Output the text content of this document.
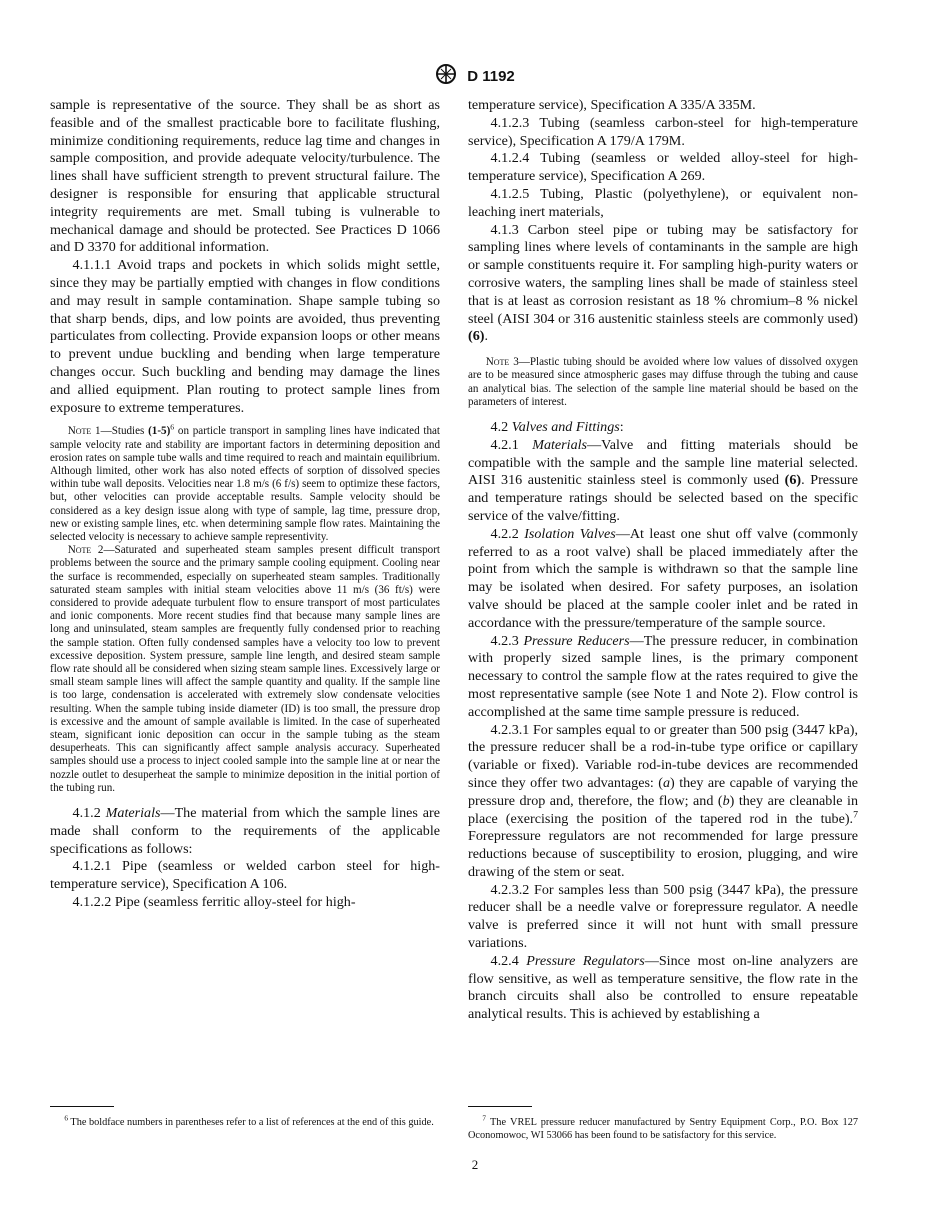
D 1192

sample is representative of the source. They shall be as short as feasible and of the smallest practicable bore to facilitate flushing, minimize conditioning requirements, reduce lag time and changes in sample composition, and provide adequate velocity/turbulence. The lines shall have sufficient strength to prevent structural failure. The designer is responsible for ensuring that applicable structural integrity requirements are met. Small tubing is vulnerable to mechanical damage and should be protected. See Practices D 1066 and D 3370 for additional information.

4.1.1.1 Avoid traps and pockets in which solids might settle, since they may be partially emptied with changes in flow conditions and may result in sample contamination. Shape sample tubing so that sharp bends, dips, and low points are avoided, thus preventing particulates from collecting. Provide expansion loops or other means to prevent undue buckling and bending when large temperature changes occur. Such buckling and bending may damage the lines and allied equipment. Plan routing to protect sample lines from exposure to extreme temperatures.

Note 1—Studies $(1-5)^6$ on particle transport in sampling lines have indicated that sample velocity rate and stability are important factors in determining deposition and erosion rates on sample tube walls and time required to reach and maintain equilibrium. Although limited, other work has also noted effects of sorption of dissolved species within tube wall deposits. Velocities near 1.8 m/s (6 f/s) seem to optimize these factors, but, other velocities can provide acceptable results. Sample velocity should be considered as a key design issue along with type of sample, lag time, pressure drop, new or existing sample lines, etc. when determining sample flow rates. Maintaining the selected velocity is necessary to achieve sample representivity.

Note 2—Saturated and superheated steam samples present difficult transport problems between the source and the primary sample cooling equipment. Cooling near the surface is recommended, especially on superheated steam samples. Traditionally saturated steam samples with initial steam velocities above 11 m/s (36 ft/s) were considered to provide adequate turbulent flow to ensure transport of most particulates and ionic components. More recent studies find that because many sample lines are long and uninsulated, steam samples are frequently fully condensed prior to reaching the sample station. Often fully condensed samples have a velocity too low to prevent excessive deposition. System pressure, sample line length, and desired steam sample flow rate should all be considered when sizing steam sample lines. Excessively large or small steam sample lines will affect the sample quantity and quality. If the sample line is too large, condensation is accelerated with extremely slow condensate velocities resulting. When the sample tubing inside diameter (ID) is too small, the pressure drop is excessive and the amount of sample available is limited. In the case of superheated steam, significant ionic deposition can occur in the sample tubing as the steam desuperheats. This can significantly affect sample analysis accuracy. Superheated samples should use a process to inject cooled sample into the sample line at or near the nozzle outlet to desuperheat the sample to minimize deposition in the initial portion of the tubing run.

4.1.2 Materials—The material from which the sample lines are made shall conform to the requirements of the applicable specifications as follows:

4.1.2.1 Pipe (seamless or welded carbon steel for high-temperature service), Specification A 106.

4.1.2.2 Pipe (seamless ferritic alloy-steel for high-

temperature service), Specification A 335/A 335M.

4.1.2.3 Tubing (seamless carbon-steel for high-temperature service), Specification A 179/A 179M.

4.1.2.4 Tubing (seamless or welded alloy-steel for high-temperature service), Specification A 269.

4.1.2.5 Tubing, Plastic (polyethylene), or equivalent non-leaching inert materials,

4.1.3 Carbon steel pipe or tubing may be satisfactory for sampling lines where levels of contaminants in the sample are high or sample constituents require it. For sampling high-purity waters or corrosive waters, the sampling lines shall be made of stainless steel that is at least as corrosion resistant as 18 % chromium–8 % nickel steel (AISI 304 or 316 austenitic stainless steels are commonly used) (6).

Note 3—Plastic tubing should be avoided where low values of dissolved oxygen are to be measured since atmospheric gases may diffuse through the tubing and cause an analytical bias. The selection of the sample line material should be based on the parameters of interest.

4.2 Valves and Fittings:

4.2.1 Materials—Valve and fitting materials should be compatible with the sample and the sample line material selected. AISI 316 austenitic stainless steel is commonly used (6). Pressure and temperature ratings should be selected based on the specific service of the valve/fitting.

4.2.2 Isolation Valves—At least one shut off valve (commonly referred to as a root valve) shall be placed immediately after the point from which the sample is withdrawn so that the sample line may be isolated when desired. For safety purposes, an isolation valve should be placed at the sample cooler inlet and be rated in accordance with the pressure/temperature of the sample source.

4.2.3 Pressure Reducers—The pressure reducer, in combination with properly sized sample lines, is the primary component necessary to control the sample flow at the rates required to give the most representative sample (see Note 1 and Note 2). Flow control is accomplished at the same time sample pressure is reduced.

4.2.3.1 For samples equal to or greater than 500 psig (3447 kPa), the pressure reducer shall be a rod-in-tube type orifice or capillary (variable or fixed). Variable rod-in-tube devices are recommended since they offer two advantages: (a) they are capable of varying the pressure drop and, therefore, the flow; and (b) they are cleanable in place (exercising the position of the tapered rod in the tube).$^7$ Forepressure regulators are not recommended for large pressure reductions because of susceptibility to erosion, plugging, and wire drawing of the stem or seat.

4.2.3.2 For samples less than 500 psig (3447 kPa), the pressure reducer shall be a needle valve or forepressure regulator. A needle valve is preferred since it will not hunt with small pressure variations.

4.2.4 Pressure Regulators—Since most on-line analyzers are flow sensitive, as well as temperature sensitive, the flow rate in the branch circuits shall also be controlled to ensure repeatable analytical results. This is achieved by establishing a

$^6$ The boldface numbers in parentheses refer to a list of references at the end of this guide.	$^7$ The VREL pressure reducer manufactured by Sentry Equipment Corp., P.O. Box 127 Oconomowoc, WI 53066 has been found to be satisfactory for this service.

2
